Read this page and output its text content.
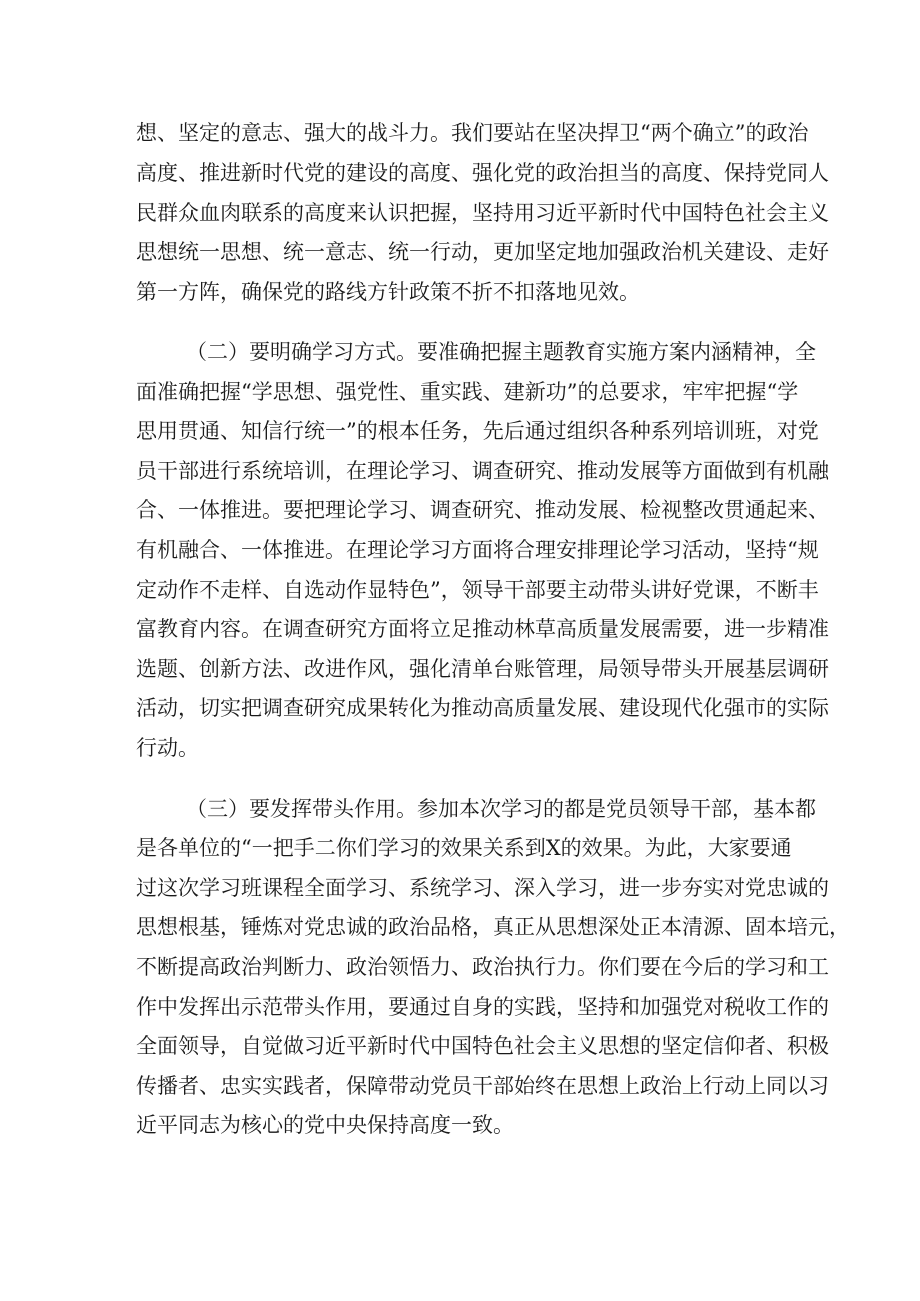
想、坚定的意志、强大的战斗力。我们要站在坚决捍卫“两个确立”的政治
高度、推进新时代党的建设的高度、强化党的政治担当的高度、保持党同人
民群众血肉联系的高度来认识把握，坚持用习近平新时代中国特色社会主义
思想统一思想、统一意志、统一行动，更加坚定地加强政治机关建设、走好
第一方阵，确保党的路线方针政策不折不扣落地见效。
（二）要明确学习方式。要准确把握主题教育实施方案内涵精神，全
面准确把握“学思想、强党性、重实践、建新功”的总要求，牢牢把握“学
思用贯通、知信行统一”的根本任务，先后通过组织各种系列培训班，对党
员干部进行系统培训，在理论学习、调查研究、推动发展等方面做到有机融
合、一体推进。要把理论学习、调查研究、推动发展、检视整改贯通起来、
有机融合、一体推进。在理论学习方面将合理安排理论学习活动，坚持“规
定动作不走样、自选动作显特色”，领导干部要主动带头讲好党课，不断丰
富教育内容。在调查研究方面将立足推动林草高质量发展需要，进一步精准
选题、创新方法、改进作风，强化清单台账管理，局领导带头开展基层调研
活动，切实把调查研究成果转化为推动高质量发展、建设现代化强市的实际
行动。
（三）要发挥带头作用。参加本次学习的都是党员领导干部，基本都
是各单位的“一把手二你们学习的效果关系到X的效果。为此，大家要通
过这次学习班课程全面学习、系统学习、深入学习，进一步夯实对党忠诚的
思想根基，锤炼对党忠诚的政治品格，真正从思想深处正本清源、固本培元，
不断提高政治判断力、政治领悟力、政治执行力。你们要在今后的学习和工
作中发挥出示范带头作用，要通过自身的实践，坚持和加强党对税收工作的
全面领导，自觉做习近平新时代中国特色社会主义思想的坚定信仰者、积极
传播者、忠实实践者，保障带动党员干部始终在思想上政治上行动上同以习
近平同志为核心的党中央保持高度一致。
